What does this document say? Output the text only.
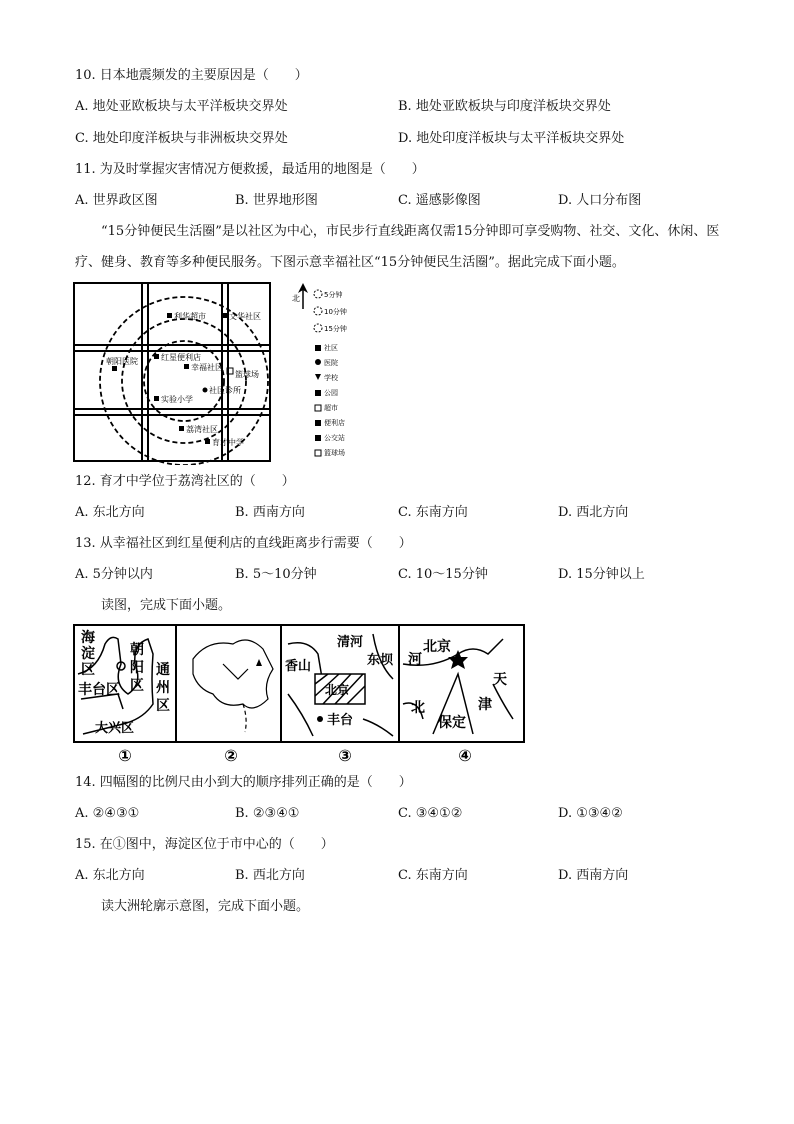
10. 日本地震频发的主要原因是（　　）
A. 地处亚欧板块与太平洋板块交界处	B. 地处亚欧板块与印度洋板块交界处
C. 地处印度洋板块与非洲板块交界处	D. 地处印度洋板块与太平洋板块交界处
11. 为及时掌握灾害情况方便救援，最适用的地图是（　　）
A. 世界政区图	B. 世界地形图	C. 遥感影像图	D. 人口分布图
“15分钟便民生活圈”是以社区为中心，市民步行直线距离仅需15分钟即可享受购物、社交、文化、休闲、医疗、健身、教育等多种便民服务。下图示意幸福社区“15分钟便民生活圈”。据此完成下面小题。
利华超市	文华社区
红星便利店
幸福社区
朝阳医院
社区诊所
实验小学
篮球场
荔湾社区
育才中学
北	5分钟
10分钟
15分钟
社区
医院
学校
公园
超市
便利店
公交站
篮球场
12. 育才中学位于荔湾社区的（　　）
A. 东北方向	B. 西南方向	C. 东南方向	D. 西北方向
13. 从幸福社区到红星便利店的直线距离步行需要（　　）
A. 5分钟以内	B. 5～10分钟	C. 10～15分钟	D. 15分钟以上
读图，完成下面小题。
海
淀
区
朝
阳
区
通
州
区
丰台区
大兴区
清河
香山	东坝
北京
丰台
北京
河
天
津
北
保定
①	②	③	④
14. 四幅图的比例尺由小到大的顺序排列正确的是（　　）
A. ②④③①	B. ②③④①	C. ③④①②	D. ①③④②
15. 在①图中，海淀区位于市中心的（　　）
A. 东北方向	B. 西北方向	C. 东南方向	D. 西南方向
读大洲轮廓示意图，完成下面小题。
